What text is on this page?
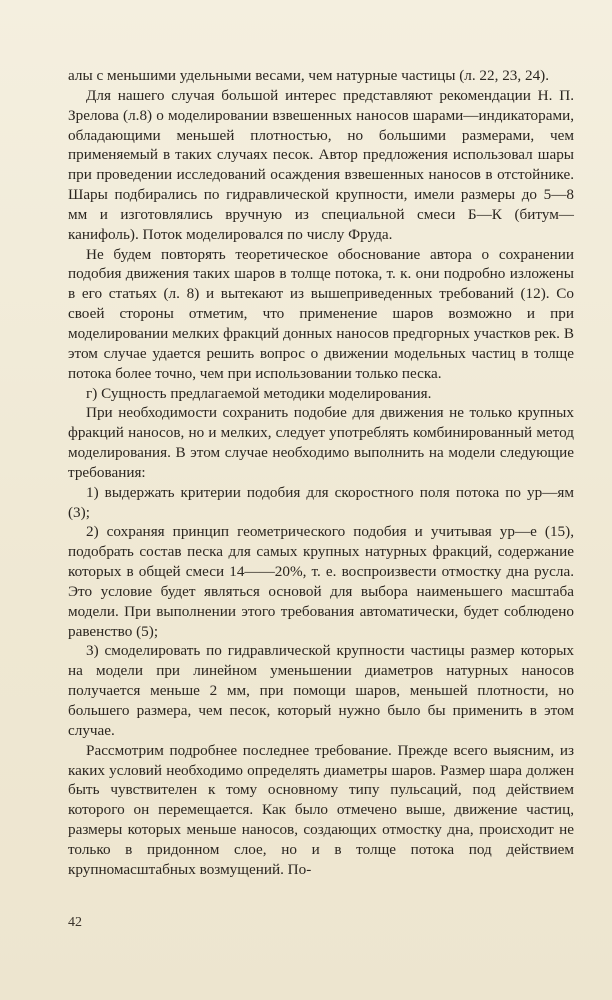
алы с меньшими удельными весами, чем натурные частицы (л. 22, 23, 24).

Для нашего случая большой интерес представляют рекомендации Н. П. Зрелова (л.8) о моделировании взвешенных наносов шарами—индикаторами, обладающими меньшей плотностью, но большими размерами, чем применяемый в таких случаях песок. Автор предложения использовал шары при проведении исследований осаждения взвешенных наносов в отстойнике. Шары подбирались по гидравлической крупности, имели размеры до 5—8 мм и изготовлялись вручную из специальной смеси Б—К (битум—канифоль). Поток моделировался по числу Фруда.

Не будем повторять теоретическое обоснование автора о сохранении подобия движения таких шаров в толще потока, т. к. они подробно изложены в его статьях (л. 8) и вытекают из вышеприведенных требований (12). Со своей стороны отметим, что применение шаров возможно и при моделировании мелких фракций донных наносов предгорных участков рек. В этом случае удается решить вопрос о движении модельных частиц в толще потока более точно, чем при использовании только песка.

г) Сущность предлагаемой методики моделирования.

При необходимости сохранить подобие для движения не только крупных фракций наносов, но и мелких, следует употреблять комбинированный метод моделирования. В этом случае необходимо выполнить на модели следующие требования:

1) выдержать критерии подобия для скоростного поля потока по ур—ям (3);

2) сохраняя принцип геометрического подобия и учитывая ур—е (15), подобрать состав песка для самых крупных натурных фракций, содержание которых в общей смеси 14——20%, т. е. воспроизвести отмостку дна русла. Это условие будет являться основой для выбора наименьшего масштаба модели. При выполнении этого требования автоматически, будет соблюдено равенство (5);

3) смоделировать по гидравлической крупности частицы размер которых на модели при линейном уменьшении диаметров натурных наносов получается меньше 2 мм, при помощи шаров, меньшей плотности, но большего размера, чем песок, который нужно было бы применить в этом случае.

Рассмотрим подробнее последнее требование. Прежде всего выясним, из каких условий необходимо определять диаметры шаров. Размер шара должен быть чувствителен к тому основному типу пульсаций, под действием которого он перемещается. Как было отмечено выше, движение частиц, размеры которых меньше наносов, создающих отмостку дна, происходит не только в придонном слое, но и в толще потока под действием крупномасштабных возмущений. По-

42
